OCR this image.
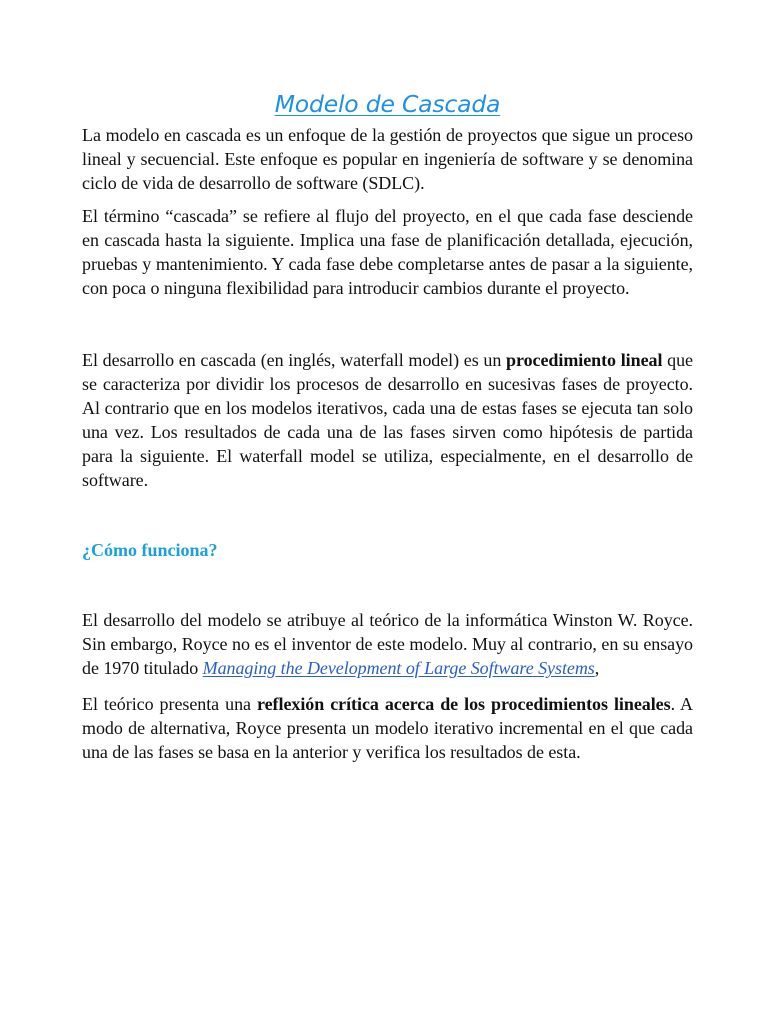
Modelo de Cascada

La modelo en cascada es un enfoque de la gestión de proyectos que sigue un proceso lineal y secuencial. Este enfoque es popular en ingeniería de software y se denomina ciclo de vida de desarrollo de software (SDLC).

El término “cascada” se refiere al flujo del proyecto, en el que cada fase desciende en cascada hasta la siguiente. Implica una fase de planificación detallada, ejecución, pruebas y mantenimiento. Y cada fase debe completarse antes de pasar a la siguiente, con poca o ninguna flexibilidad para introducir cambios durante el proyecto.

El desarrollo en cascada (en inglés, waterfall model) es un procedimiento lineal que se caracteriza por dividir los procesos de desarrollo en sucesivas fases de proyecto. Al contrario que en los modelos iterativos, cada una de estas fases se ejecuta tan solo una vez. Los resultados de cada una de las fases sirven como hipótesis de partida para la siguiente. El waterfall model se utiliza, especialmente, en el desarrollo de software.

¿Cómo funciona?

El desarrollo del modelo se atribuye al teórico de la informática Winston W. Royce. Sin embargo, Royce no es el inventor de este modelo. Muy al contrario, en su ensayo de 1970 titulado Managing the Development of Large Software Systems,

El teórico presenta una reflexión crítica acerca de los procedimientos lineales. A modo de alternativa, Royce presenta un modelo iterativo incremental en el que cada una de las fases se basa en la anterior y verifica los resultados de esta.
